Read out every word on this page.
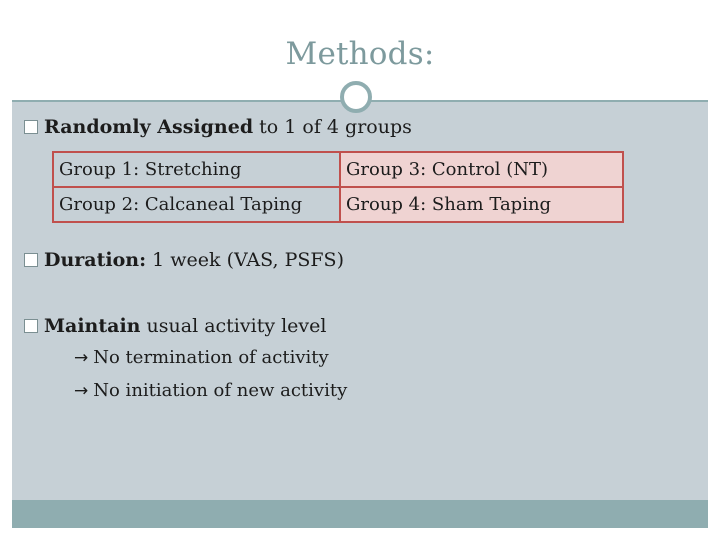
Methods:
Randomly Assigned to 1 of 4 groups
Group 1: Stretching	Group 3: Control (NT)
Group 2: Calcaneal Taping	Group 4: Sham Taping
Duration: 1 week (VAS, PSFS)
Maintain usual activity level
→ No termination of activity
→ No initiation of new activity
